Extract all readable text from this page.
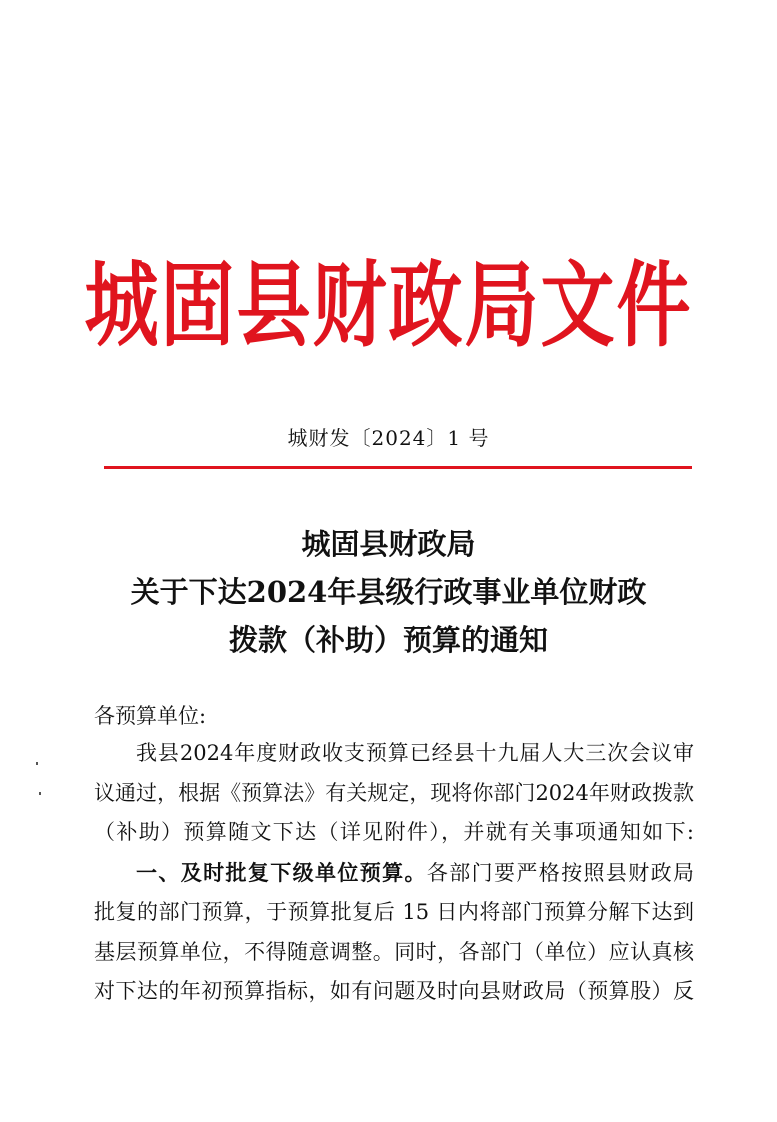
城固县财政局文件
城财发〔2024〕1 号
城固县财政局
关于下达2024年县级行政事业单位财政
拨款（补助）预算的通知
各预算单位:
我县2024年度财政收支预算已经县十九届人大三次会议审
议通过，根据《预算法》有关规定，现将你部门2024年财政拨款
（补助）预算随文下达（详见附件），并就有关事项通知如下:
一、及时批复下级单位预算。各部门要严格按照县财政局
批复的部门预算，于预算批复后 15 日内将部门预算分解下达到
基层预算单位，不得随意调整。同时，各部门（单位）应认真核
对下达的年初预算指标，如有问题及时向县财政局（预算股）反
